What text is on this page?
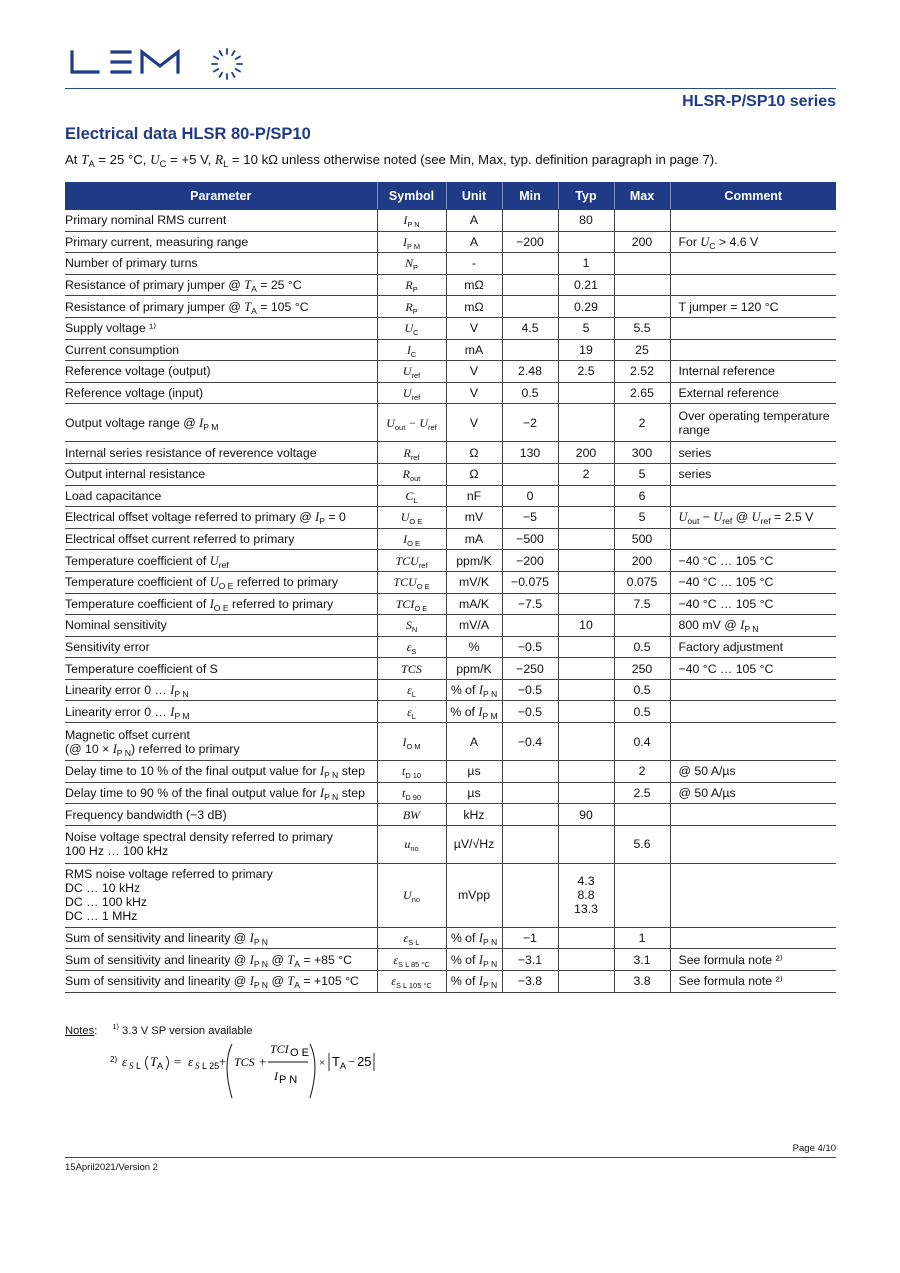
HLSR-P/SP10 series
Electrical data HLSR 80-P/SP10
At $T_A = 25$ °C, $U_C = +5$ V, $R_L = 10$ kΩ unless otherwise noted (see Min, Max, typ. definition paragraph in page 7).
Parameter	Symbol	Unit	Min	Typ	Max	Comment
Primary nominal RMS current	$I_{P N}$	A		80		
Primary current, measuring range	$I_{P M}$	A	−200		200	For $U_C > 4.6$ V
Number of primary turns	$N_P$	-		1		
Resistance of primary jumper @ $T_A = 25$ °C	$R_P$	mΩ		0.21		
Resistance of primary jumper @ $T_A = 105$ °C	$R_P$	mΩ		0.29		T jumper = 120 °C
Supply voltage ¹⁾	$U_C$	V	4.5	5	5.5	
Current consumption	$I_C$	mA		19	25	
Reference voltage (output)	$U_{ref}$	V	2.48	2.5	2.52	Internal reference
Reference voltage (input)	$U_{ref}$	V	0.5		2.65	External reference
Output voltage range @ $I_{P M}$	$U_{out} - U_{ref}$	V	−2		2	Over operating temperature range
Internal series resistance of reverence voltage	$R_{ref}$	Ω	130	200	300	series
Output internal resistance	$R_{out}$	Ω		2	5	series
Load capacitance	$C_L$	nF	0		6	
Electrical offset voltage referred to primary @ $I_P = 0$	$U_{O E}$	mV	−5		5	$U_{out} - U_{ref}$ @ $U_{ref} = 2.5$ V
Electrical offset current referred to primary	$I_{O E}$	mA	−500		500	
Temperature coefficient of $U_{ref}$	$TCU_{ref}$	ppm/K	−200		200	−40 °C … 105 °C
Temperature coefficient of $U_{O E}$ referred to primary	$TCU_{O E}$	mV/K	−0.075		0.075	−40 °C … 105 °C
Temperature coefficient of $I_{O E}$ referred to primary	$TCI_{O E}$	mA/K	−7.5		7.5	−40 °C … 105 °C
Nominal sensitivity	$S_N$	mV/A		10		800 mV @ $I_{P N}$
Sensitivity error	$\varepsilon_S$	%	−0.5		0.5	Factory adjustment
Temperature coefficient of S	TCS	ppm/K	−250		250	−40 °C … 105 °C
Linearity error 0 … $I_{P N}$	$\varepsilon_L$	% of $I_{P N}$	−0.5		0.5	
Linearity error 0 … $I_{P M}$	$\varepsilon_L$	% of $I_{P M}$	−0.5		0.5	
Magnetic offset current
(@ $10 \times I_{P N}$) referred to primary	$I_{O M}$	A	−0.4		0.4	
Delay time to 10 % of the final output value for $I_{P N}$ step	$t_{D 10}$	µs			2	@ 50 A/µs
Delay time to 90 % of the final output value for $I_{P N}$ step	$t_{D 90}$	µs			2.5	@ 50 A/µs
Frequency bandwidth (−3 dB)	BW	kHz		90		
Noise voltage spectral density referred to primary
100 Hz … 100 kHz	$u_{no}$	µV/√Hz			5.6	
RMS noise voltage referred to primary
DC … 10 kHz
DC … 100 kHz
DC … 1 MHz	$U_{no}$	mVpp		4.3
8.8
13.3		
Sum of sensitivity and linearity @ $I_{P N}$	$\varepsilon_{S L}$	% of $I_{P N}$	−1		1	
Sum of sensitivity and linearity @ $I_{P N}$ @ $T_A = +85$ °C	$\varepsilon_{S L 85 ^\circ C}$	% of $I_{P N}$	−3.1		3.1	See formula note ²⁾
Sum of sensitivity and linearity @ $I_{P N}$ @ $T_A = +105$ °C	$\varepsilon_{S L 105 ^\circ C}$	% of $I_{P N}$	−3.8		3.8	See formula note ²⁾
Notes: $^{1)}$ 3.3 V SP version available
2) ε S L T A = ε S L 25 + TCS +
TCI O E
I P N
× T A − 25
Page 4/10
15April2021/Version 2
